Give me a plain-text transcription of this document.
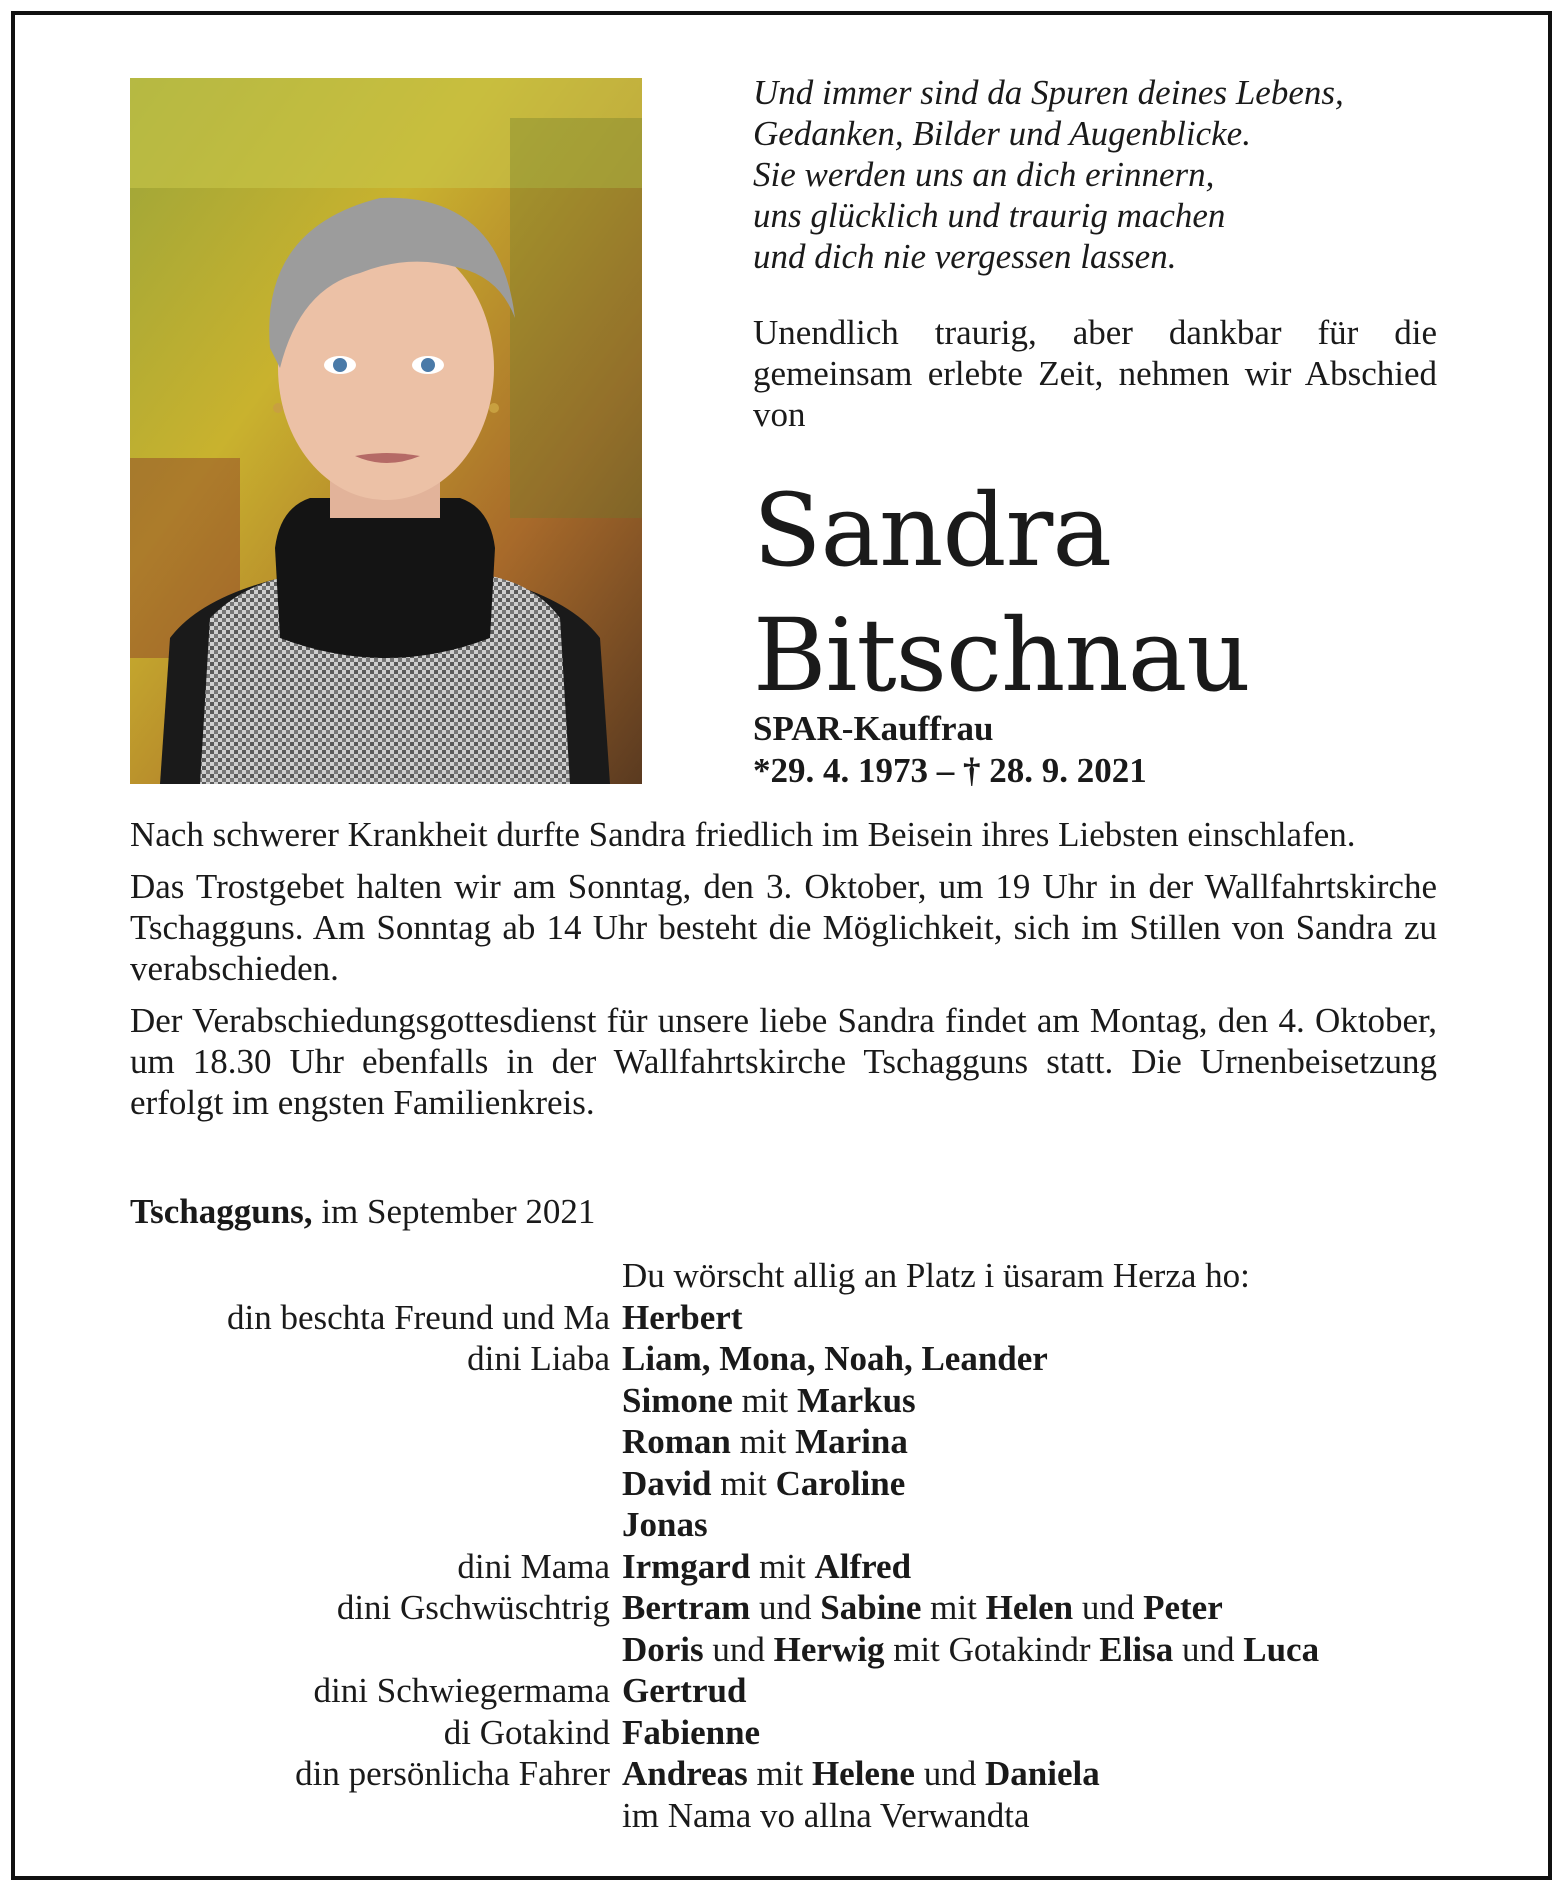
Und immer sind da Spuren deines Lebens,
Gedanken, Bilder und Augenblicke.
Sie werden uns an dich erinnern,
uns glücklich und traurig machen
und dich nie vergessen lassen.
Unendlich traurig, aber dankbar für die gemeinsam erlebte Zeit, nehmen wir Abschied von
Sandra
Bitschnau
SPAR-Kauffrau
*29. 4. 1973 – † 28. 9. 2021

Nach schwerer Krankheit durfte Sandra friedlich im Beisein ihres Liebsten einschlafen.

Das Trostgebet halten wir am Sonntag, den 3. Oktober, um 19 Uhr in der Wallfahrtskirche Tschagguns. Am Sonntag ab 14 Uhr besteht die Möglichkeit, sich im Stillen von Sandra zu verabschieden.

Der Verabschiedungsgottesdienst für unsere liebe Sandra findet am Montag, den 4. Oktober, um 18.30 Uhr ebenfalls in der Wallfahrtskirche Tschagguns statt. Die Urnenbeisetzung erfolgt im engsten Familienkreis.

Tschagguns, im September 2021
Du wörscht allig an Platz i üsaram Herza ho:
din beschta Freund und Ma Herbert
dini Liaba Liam, Mona, Noah, Leander
Simone mit Markus
Roman mit Marina
David mit Caroline
Jonas
dini Mama Irmgard mit Alfred
dini Gschwüschtrig Bertram und Sabine mit Helen und Peter
Doris und Herwig mit Gotakindr Elisa und Luca
dini Schwiegermama Gertrud
di Gotakind Fabienne
din persönlicha Fahrer Andreas mit Helene und Daniela
im Nama vo allna Verwandta
